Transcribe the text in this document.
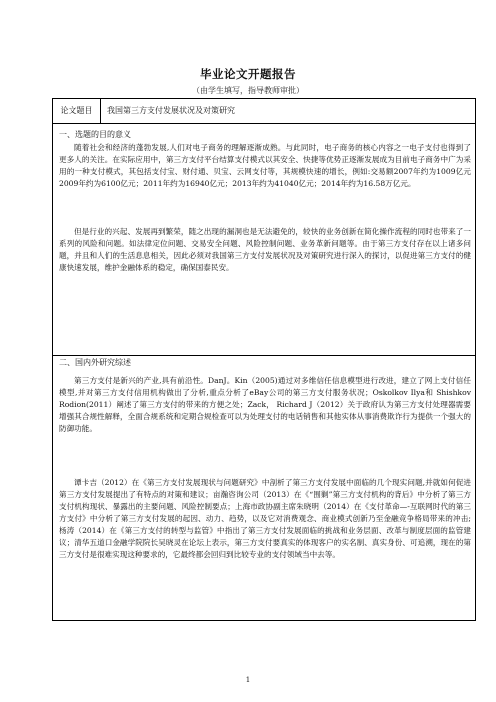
毕业论文开题报告
（由学生填写，指导教师审批）
论文题目	我国第三方支付发展状况及对策研究
一、选题的目的意义

随着社会和经济的蓬勃发展,人们对电子商务的理解逐渐成熟。与此同时，电子商务的核心内容之一电子支付也得到了更多人的关注。在实际应用中，第三方支付平台结算支付模式以其安全、快捷等优势正逐渐发展成为目前电子商务中广为采用的一种支付模式，其包括支付宝、财付通、贝宝、云网支付等，其规模快速的增长，例如:交易额2007年约为1009亿元2009年约为6100亿元；2011年约为16940亿元；2013年约为41040亿元；2014年约为16.58万亿元。

但是行业的兴起、发展再到繁荣，随之出现的漏洞也是无法避免的，较快的业务创新在简化操作流程的同时也带来了一系列的风险和问题。如法律定位问题、交易安全问题、风险控制问题、业务革新问题等。由于第三方支付存在以上诸多问题，并且和人们的生活息息相关，因此必须对我国第三方支付发展状况及对策研究进行深入的探讨，以促进第三方支付的健康快速发展，维护金融体系的稳定，确保国泰民安。

二、国内外研究综述

第三方支付是新兴的产业,具有前沿性。DanJ。Kin（2005)通过对多维信任信息模型进行改进，建立了网上支付信任模型,并对第三方支付信用机构做出了分析,重点分析了eBay公司的第三方支付服务状况；Oskolkov Ilya和 Shishkov Rodion(2011）阐述了第三方支付的带来的方便之处；Zack， Richard J（2012）关于政府认为第三方支付处理器需要增强其合规性解释，全面合规系统和定期合规检查可以为处理支付的电话销售和其他实体从事消费欺诈行为提供一个强大的防御功能。

谭卡吉（2012）在《第三方支付发展现状与问题研究》中剖析了第三方支付发展中面临的几个现实问题,并就如何促进第三方支付发展提出了有特点的对策和建议；亩瀚咨询公司（2013）在《“围剿”第三方支付机构的背后》中分析了第三方支付机构现状、暴露出的主要问题、风险控制要点；上海市政协副主席朱晓明（2014）在《支付革命—-互联网时代的第三方支付》中分析了第三方支付发展的起因、动力、趋势，以及它对消费观念、商业模式创新乃至金融竞争格局带来的冲击;杨涛（2014）在《第三方支付的转型与监管》中指出了第三方支付发展面临的挑战和业务层面、改革与制度层面的监管建议；清华五道口金融学院院长吴晓灵在论坛上表示，第三方支付要真实的体现客户的实名制、真实身份、可追溯，现在的第三方支付是很难实现这种要求的，它最终都会回归到比较专业的支付领域当中去等。

1
